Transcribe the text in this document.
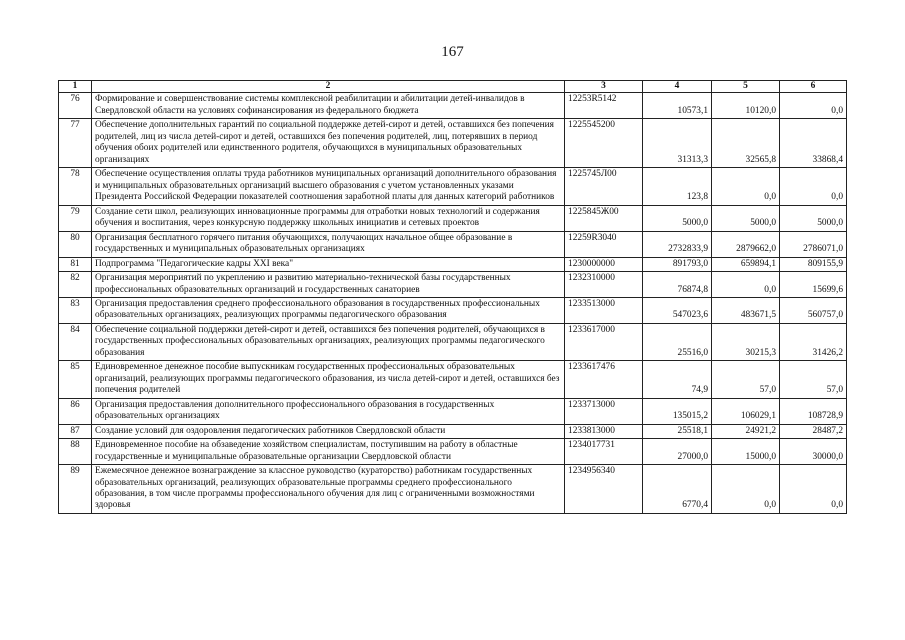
167
1	2	3	4	5	6
76	Формирование и совершенствование системы комплексной реабилитации и абилитации детей-инвалидов в Свердловской области на условиях софинансирования из федерального бюджета	12253R5142	10573,1	10120,0	0,0
77	Обеспечение дополнительных гарантий по социальной поддержке детей-сирот и детей, оставшихся без попечения родителей, лиц из числа детей-сирот и детей, оставшихся без попечения родителей, лиц, потерявших в период обучения обоих родителей или единственного родителя, обучающихся в муниципальных образовательных организациях	1225545200	31313,3	32565,8	33868,4
78	Обеспечение осуществления оплаты труда работников муниципальных организаций дополнительного образования и муниципальных образовательных организаций высшего образования с учетом установленных указами Президента Российской Федерации показателей соотношения заработной платы для данных категорий работников	1225745Л00	123,8	0,0	0,0
79	Создание сети школ, реализующих инновационные программы для отработки новых технологий и содержания обучения и воспитания, через конкурсную поддержку школьных инициатив и сетевых проектов	1225845Ж00	5000,0	5000,0	5000,0
80	Организация бесплатного горячего питания обучающихся, получающих начальное общее образование в государственных и муниципальных образовательных организациях	12259R3040	2732833,9	2879662,0	2786071,0
81	Подпрограмма "Педагогические кадры XXI века"	1230000000	891793,0	659894,1	809155,9
82	Организация мероприятий по укреплению и развитию материально-технической базы государственных профессиональных образовательных организаций и государственных санаториев	1232310000	76874,8	0,0	15699,6
83	Организация предоставления среднего профессионального образования в государственных профессиональных образовательных организациях, реализующих программы педагогического образования	1233513000	547023,6	483671,5	560757,0
84	Обеспечение социальной поддержки детей-сирот и детей, оставшихся без попечения родителей, обучающихся в государственных профессиональных образовательных организациях, реализующих программы педагогического образования	1233617000	25516,0	30215,3	31426,2
85	Единовременное денежное пособие выпускникам государственных профессиональных образовательных организаций, реализующих программы педагогического образования, из числа детей-сирот и детей, оставшихся без попечения родителей	1233617476	74,9	57,0	57,0
86	Организация предоставления дополнительного профессионального образования в государственных образовательных организациях	1233713000	135015,2	106029,1	108728,9
87	Создание условий для оздоровления педагогических работников Свердловской области	1233813000	25518,1	24921,2	28487,2
88	Единовременное пособие на обзаведение хозяйством специалистам, поступившим на работу в областные государственные и муниципальные образовательные организации Свердловской области	1234017731	27000,0	15000,0	30000,0
89	Ежемесячное денежное вознаграждение за классное руководство (кураторство) работникам государственных образовательных организаций, реализующих образовательные программы среднего профессионального образования, в том числе программы профессионального обучения для лиц с ограниченными возможностями здоровья	1234956340	6770,4	0,0	0,0
